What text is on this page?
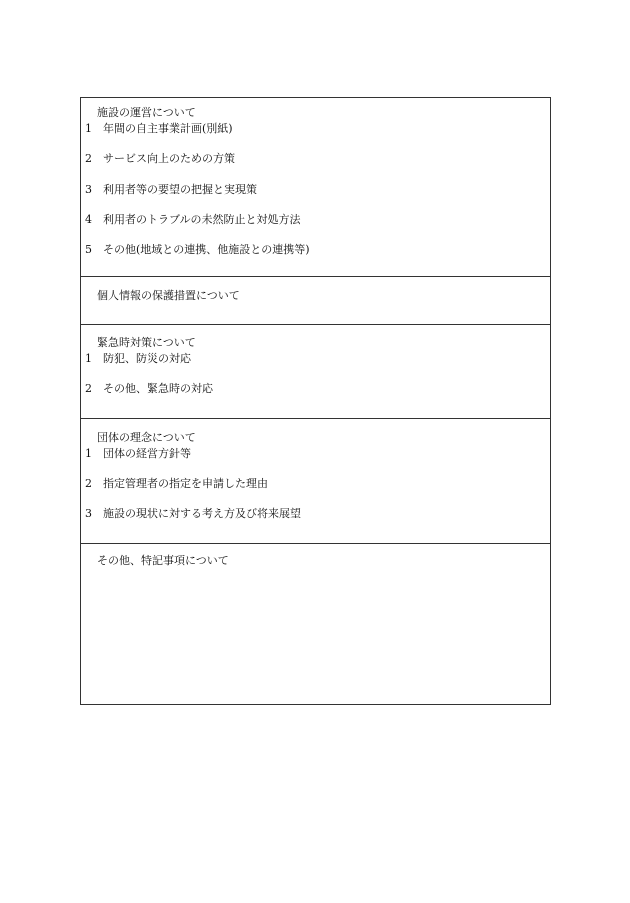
施設の運営について
1 年間の自主事業計画(別紙)
2 サービス向上のための方策
3 利用者等の要望の把握と実現策
4 利用者のトラブルの未然防止と対処方法
5 その他(地域との連携、他施設との連携等)
個人情報の保護措置について
緊急時対策について
1 防犯、防災の対応
2 その他、緊急時の対応
団体の理念について
1 団体の経営方針等
2 指定管理者の指定を申請した理由
3 施設の現状に対する考え方及び将来展望
その他、特記事項について
